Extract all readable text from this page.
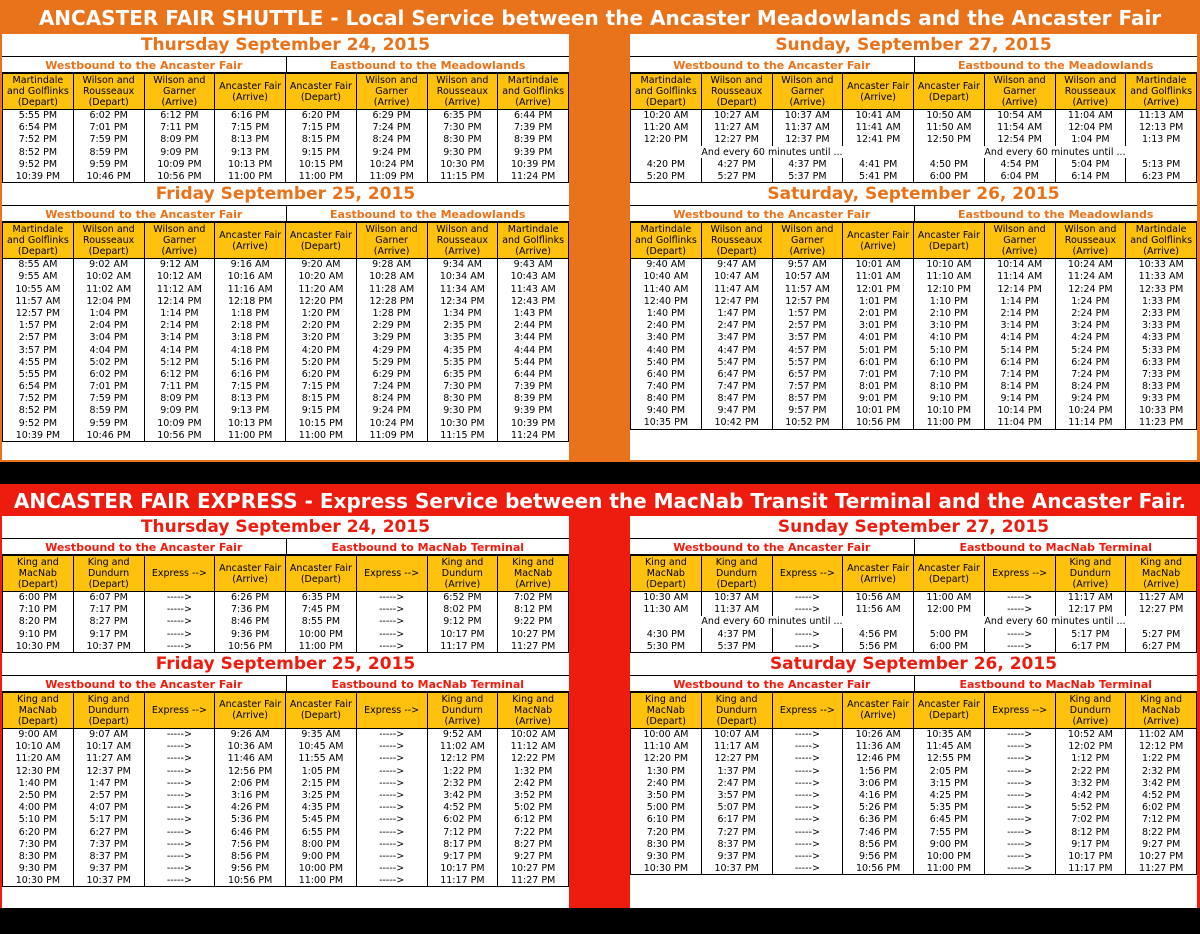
ANCASTER FAIR SHUTTLE - Local Service between the Ancaster Meadowlands and the Ancaster Fair
ANCASTER FAIR EXPRESS - Express Service between the MacNab Transit Terminal and the Ancaster Fair.
Thursday September 24, 2015
Westbound to the Ancaster Fair	Eastbound to the Meadowlands
Martindale and Golflinks (Depart)	Wilson and Rousseaux (Depart)	Wilson and Garner (Arrive)	Ancaster Fair (Arrive)	Ancaster Fair (Depart)	Wilson and Garner (Arrive)	Wilson and Rousseaux (Arrive)	Martindale and Golflinks (Arrive)
5:55 PM	6:02 PM	6:12 PM	6:16 PM	6:20 PM	6:29 PM	6:35 PM	6:44 PM
6:54 PM	7:01 PM	7:11 PM	7:15 PM	7:15 PM	7:24 PM	7:30 PM	7:39 PM
7:52 PM	7:59 PM	8:09 PM	8:13 PM	8:15 PM	8:24 PM	8:30 PM	8:39 PM
8:52 PM	8:59 PM	9:09 PM	9:13 PM	9:15 PM	9:24 PM	9:30 PM	9:39 PM
9:52 PM	9:59 PM	10:09 PM	10:13 PM	10:15 PM	10:24 PM	10:30 PM	10:39 PM
10:39 PM	10:46 PM	10:56 PM	11:00 PM	11:00 PM	11:09 PM	11:15 PM	11:24 PM
Friday September 25, 2015
Westbound to the Ancaster Fair	Eastbound to the Meadowlands
Martindale and Golflinks (Depart)	Wilson and Rousseaux (Depart)	Wilson and Garner (Arrive)	Ancaster Fair (Arrive)	Ancaster Fair (Depart)	Wilson and Garner (Arrive)	Wilson and Rousseaux (Arrive)	Martindale and Golflinks (Arrive)
8:55 AM	9:02 AM	9:12 AM	9:16 AM	9:20 AM	9:28 AM	9:34 AM	9:43 AM
9:55 AM	10:02 AM	10:12 AM	10:16 AM	10:20 AM	10:28 AM	10:34 AM	10:43 AM
10:55 AM	11:02 AM	11:12 AM	11:16 AM	11:20 AM	11:28 AM	11:34 AM	11:43 AM
11:57 AM	12:04 PM	12:14 PM	12:18 PM	12:20 PM	12:28 PM	12:34 PM	12:43 PM
12:57 PM	1:04 PM	1:14 PM	1:18 PM	1:20 PM	1:28 PM	1:34 PM	1:43 PM
1:57 PM	2:04 PM	2:14 PM	2:18 PM	2:20 PM	2:29 PM	2:35 PM	2:44 PM
2:57 PM	3:04 PM	3:14 PM	3:18 PM	3:20 PM	3:29 PM	3:35 PM	3:44 PM
3:57 PM	4:04 PM	4:14 PM	4:18 PM	4:20 PM	4:29 PM	4:35 PM	4:44 PM
4:55 PM	5:02 PM	5:12 PM	5:16 PM	5:20 PM	5:29 PM	5:35 PM	5:44 PM
5:55 PM	6:02 PM	6:12 PM	6:16 PM	6:20 PM	6:29 PM	6:35 PM	6:44 PM
6:54 PM	7:01 PM	7:11 PM	7:15 PM	7:15 PM	7:24 PM	7:30 PM	7:39 PM
7:52 PM	7:59 PM	8:09 PM	8:13 PM	8:15 PM	8:24 PM	8:30 PM	8:39 PM
8:52 PM	8:59 PM	9:09 PM	9:13 PM	9:15 PM	9:24 PM	9:30 PM	9:39 PM
9:52 PM	9:59 PM	10:09 PM	10:13 PM	10:15 PM	10:24 PM	10:30 PM	10:39 PM
10:39 PM	10:46 PM	10:56 PM	11:00 PM	11:00 PM	11:09 PM	11:15 PM	11:24 PM
Sunday, September 27, 2015
Westbound to the Ancaster Fair	Eastbound to the Meadowlands
Martindale and Golflinks (Depart)	Wilson and Rousseaux (Depart)	Wilson and Garner (Arrive)	Ancaster Fair (Arrive)	Ancaster Fair (Depart)	Wilson and Garner (Arrive)	Wilson and Rousseaux (Arrive)	Martindale and Golflinks (Arrive)
10:20 AM	10:27 AM	10:37 AM	10:41 AM	10:50 AM	10:54 AM	11:04 AM	11:13 AM
11:20 AM	11:27 AM	11:37 AM	11:41 AM	11:50 AM	11:54 AM	12:04 PM	12:13 PM
12:20 PM	12:27 PM	12:37 PM	12:41 PM	12:50 PM	12:54 PM	1:04 PM	1:13 PM
And every 60 minutes until ...				And every 60 minutes until ...			
4:20 PM	4:27 PM	4:37 PM	4:41 PM	4:50 PM	4:54 PM	5:04 PM	5:13 PM
5:20 PM	5:27 PM	5:37 PM	5:41 PM	6:00 PM	6:04 PM	6:14 PM	6:23 PM
Saturday, September 26, 2015
Westbound to the Ancaster Fair	Eastbound to the Meadowlands
Martindale and Golflinks (Depart)	Wilson and Rousseaux (Depart)	Wilson and Garner (Arrive)	Ancaster Fair (Arrive)	Ancaster Fair (Depart)	Wilson and Garner (Arrive)	Wilson and Rousseaux (Arrive)	Martindale and Golflinks (Arrive)
9:40 AM	9:47 AM	9:57 AM	10:01 AM	10:10 AM	10:14 AM	10:24 AM	10:33 AM
10:40 AM	10:47 AM	10:57 AM	11:01 AM	11:10 AM	11:14 AM	11:24 AM	11:33 AM
11:40 AM	11:47 AM	11:57 AM	12:01 PM	12:10 PM	12:14 PM	12:24 PM	12:33 PM
12:40 PM	12:47 PM	12:57 PM	1:01 PM	1:10 PM	1:14 PM	1:24 PM	1:33 PM
1:40 PM	1:47 PM	1:57 PM	2:01 PM	2:10 PM	2:14 PM	2:24 PM	2:33 PM
2:40 PM	2:47 PM	2:57 PM	3:01 PM	3:10 PM	3:14 PM	3:24 PM	3:33 PM
3:40 PM	3:47 PM	3:57 PM	4:01 PM	4:10 PM	4:14 PM	4:24 PM	4:33 PM
4:40 PM	4:47 PM	4:57 PM	5:01 PM	5:10 PM	5:14 PM	5:24 PM	5:33 PM
5:40 PM	5:47 PM	5:57 PM	6:01 PM	6:10 PM	6:14 PM	6:24 PM	6:33 PM
6:40 PM	6:47 PM	6:57 PM	7:01 PM	7:10 PM	7:14 PM	7:24 PM	7:33 PM
7:40 PM	7:47 PM	7:57 PM	8:01 PM	8:10 PM	8:14 PM	8:24 PM	8:33 PM
8:40 PM	8:47 PM	8:57 PM	9:01 PM	9:10 PM	9:14 PM	9:24 PM	9:33 PM
9:40 PM	9:47 PM	9:57 PM	10:01 PM	10:10 PM	10:14 PM	10:24 PM	10:33 PM
10:35 PM	10:42 PM	10:52 PM	10:56 PM	11:00 PM	11:04 PM	11:14 PM	11:23 PM
Thursday September 24, 2015
Westbound to the Ancaster Fair	Eastbound to MacNab Terminal
King and MacNab (Depart)	King and Dundurn (Depart)	Express -->	Ancaster Fair (Arrive)	Ancaster Fair (Depart)	Express -->	King and Dundurn (Arrive)	King and MacNab (Arrive)
6:00 PM	6:07 PM	----->	6:26 PM	6:35 PM	----->	6:52 PM	7:02 PM
7:10 PM	7:17 PM	----->	7:36 PM	7:45 PM	----->	8:02 PM	8:12 PM
8:20 PM	8:27 PM	----->	8:46 PM	8:55 PM	----->	9:12 PM	9:22 PM
9:10 PM	9:17 PM	----->	9:36 PM	10:00 PM	----->	10:17 PM	10:27 PM
10:30 PM	10:37 PM	----->	10:56 PM	11:00 PM	----->	11:17 PM	11:27 PM
Friday September 25, 2015
Westbound to the Ancaster Fair	Eastbound to MacNab Terminal
King and MacNab (Depart)	King and Dundurn (Depart)	Express -->	Ancaster Fair (Arrive)	Ancaster Fair (Depart)	Express -->	King and Dundurn (Arrive)	King and MacNab (Arrive)
9:00 AM	9:07 AM	----->	9:26 AM	9:35 AM	----->	9:52 AM	10:02 AM
10:10 AM	10:17 AM	----->	10:36 AM	10:45 AM	----->	11:02 AM	11:12 AM
11:20 AM	11:27 AM	----->	11:46 AM	11:55 AM	----->	12:12 PM	12:22 PM
12:30 PM	12:37 PM	----->	12:56 PM	1:05 PM	----->	1:22 PM	1:32 PM
1:40 PM	1:47 PM	----->	2:06 PM	2:15 PM	----->	2:32 PM	2:42 PM
2:50 PM	2:57 PM	----->	3:16 PM	3:25 PM	----->	3:42 PM	3:52 PM
4:00 PM	4:07 PM	----->	4:26 PM	4:35 PM	----->	4:52 PM	5:02 PM
5:10 PM	5:17 PM	----->	5:36 PM	5:45 PM	----->	6:02 PM	6:12 PM
6:20 PM	6:27 PM	----->	6:46 PM	6:55 PM	----->	7:12 PM	7:22 PM
7:30 PM	7:37 PM	----->	7:56 PM	8:00 PM	----->	8:17 PM	8:27 PM
8:30 PM	8:37 PM	----->	8:56 PM	9:00 PM	----->	9:17 PM	9:27 PM
9:30 PM	9:37 PM	----->	9:56 PM	10:00 PM	----->	10:17 PM	10:27 PM
10:30 PM	10:37 PM	----->	10:56 PM	11:00 PM	----->	11:17 PM	11:27 PM
Sunday September 27, 2015
Westbound to the Ancaster Fair	Eastbound to MacNab Terminal
King and MacNab (Depart)	King and Dundurn (Depart)	Express -->	Ancaster Fair (Arrive)	Ancaster Fair (Depart)	Express -->	King and Dundurn (Arrive)	King and MacNab (Arrive)
10:30 AM	10:37 AM	----->	10:56 AM	11:00 AM	----->	11:17 AM	11:27 AM
11:30 AM	11:37 AM	----->	11:56 AM	12:00 PM	----->	12:17 PM	12:27 PM
And every 60 minutes until ...				And every 60 minutes until ...			
4:30 PM	4:37 PM	----->	4:56 PM	5:00 PM	----->	5:17 PM	5:27 PM
5:30 PM	5:37 PM	----->	5:56 PM	6:00 PM	----->	6:17 PM	6:27 PM
Saturday September 26, 2015
Westbound to the Ancaster Fair	Eastbound to MacNab Terminal
King and MacNab (Depart)	King and Dundurn (Depart)	Express -->	Ancaster Fair (Arrive)	Ancaster Fair (Depart)	Express -->	King and Dundurn (Arrive)	King and MacNab (Arrive)
10:00 AM	10:07 AM	----->	10:26 AM	10:35 AM	----->	10:52 AM	11:02 AM
11:10 AM	11:17 AM	----->	11:36 AM	11:45 AM	----->	12:02 PM	12:12 PM
12:20 PM	12:27 PM	----->	12:46 PM	12:55 PM	----->	1:12 PM	1:22 PM
1:30 PM	1:37 PM	----->	1:56 PM	2:05 PM	----->	2:22 PM	2:32 PM
2:40 PM	2:47 PM	----->	3:06 PM	3:15 PM	----->	3:32 PM	3:42 PM
3:50 PM	3:57 PM	----->	4:16 PM	4:25 PM	----->	4:42 PM	4:52 PM
5:00 PM	5:07 PM	----->	5:26 PM	5:35 PM	----->	5:52 PM	6:02 PM
6:10 PM	6:17 PM	----->	6:36 PM	6:45 PM	----->	7:02 PM	7:12 PM
7:20 PM	7:27 PM	----->	7:46 PM	7:55 PM	----->	8:12 PM	8:22 PM
8:30 PM	8:37 PM	----->	8:56 PM	9:00 PM	----->	9:17 PM	9:27 PM
9:30 PM	9:37 PM	----->	9:56 PM	10:00 PM	----->	10:17 PM	10:27 PM
10:30 PM	10:37 PM	----->	10:56 PM	11:00 PM	----->	11:17 PM	11:27 PM
